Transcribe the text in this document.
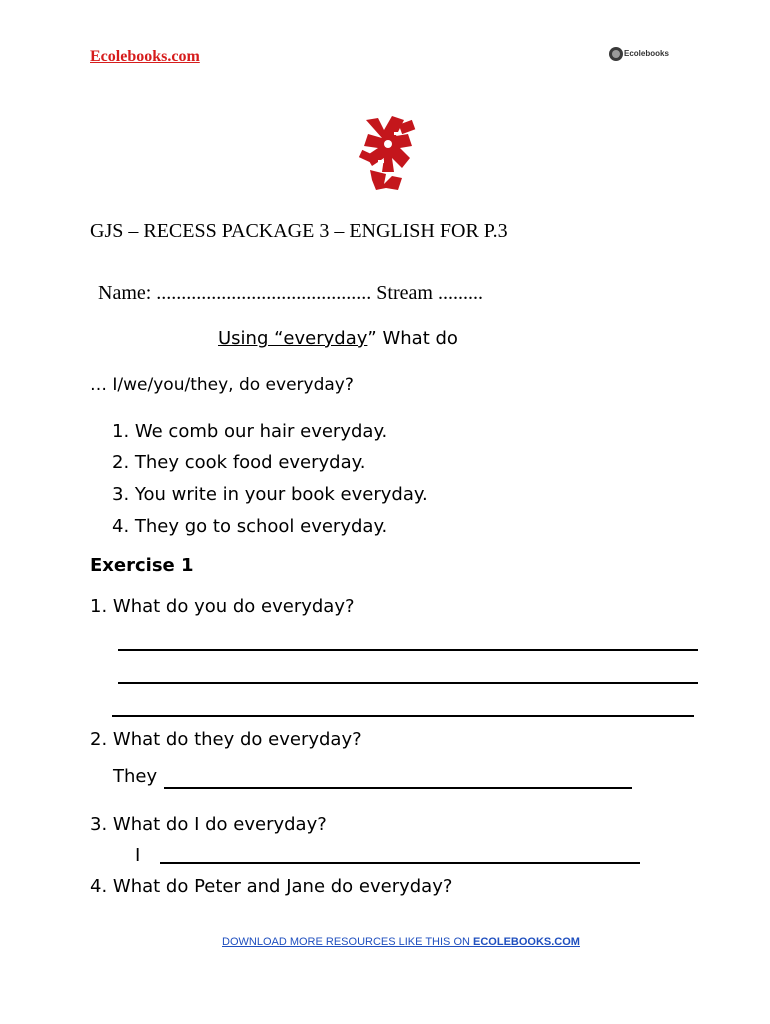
Ecolebooks.com	Ecolebooks
GJS – RECESS PACKAGE 3 – ENGLISH FOR P.3
Name: ........................................... Stream .........
Using “everyday” What do
… I/we/you/they, do everyday?
1. We comb our hair everyday.
2. They cook food everyday.
3. You write in your book everyday.
4. They go to school everyday.
Exercise 1
1. What do you do everyday?
2. What do they do everyday?
They
3. What do I do everyday?
I
4. What do Peter and Jane do everyday?
DOWNLOAD MORE RESOURCES LIKE THIS ON ECOLEBOOKS.COM
